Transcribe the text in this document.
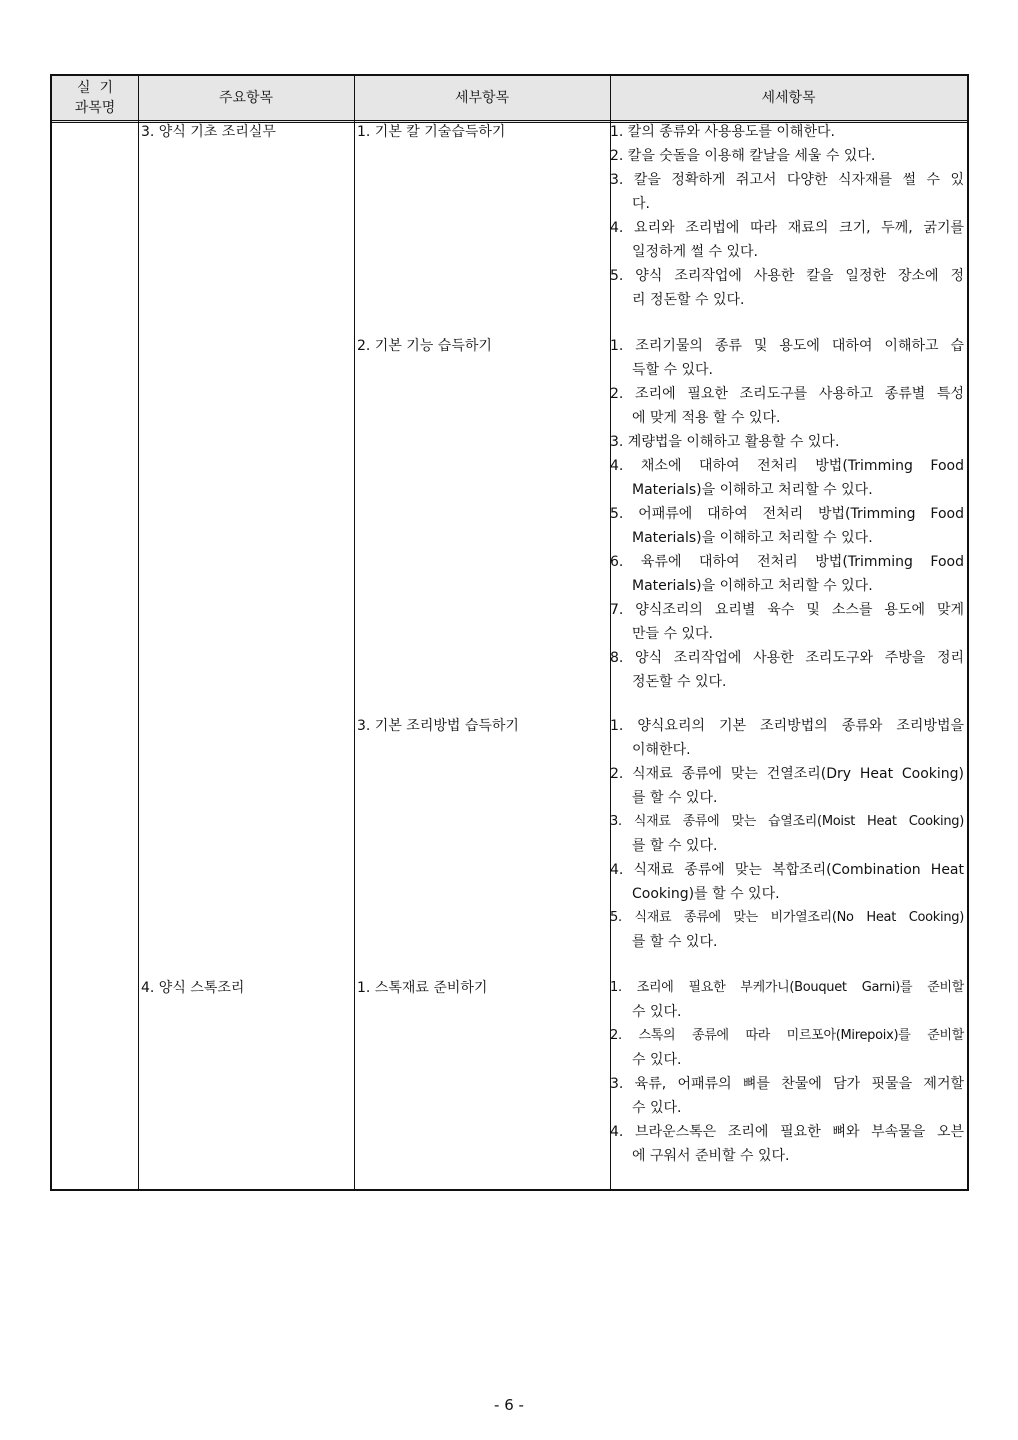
실  기
과목명
주요항목	세부항목	세세항목
3. 양식 기초 조리실무
4. 양식 스톡조리
1. 기본 칼 기술습득하기
2. 기본 기능 습득하기
3. 기본 조리방법 습득하기
1. 스톡재료 준비하기
1. 칼의 종류와 사용용도를 이해한다.
2. 칼을 숫돌을 이용해 칼날을 세울 수 있다.
3. 칼을 정확하게 쥐고서 다양한 식자재를 썰 수 있
다.
4. 요리와 조리법에 따라 재료의 크기, 두께, 굵기를
일정하게 썰 수 있다.
5. 양식 조리작업에 사용한 칼을 일정한 장소에 정
리 정돈할 수 있다.
1. 조리기물의 종류 및 용도에 대하여 이해하고 습
득할 수 있다.
2. 조리에 필요한 조리도구를 사용하고 종류별 특성
에 맞게 적용 할 수 있다.
3. 계량법을 이해하고 활용할 수 있다.
4. 채소에 대하여 전처리 방법(Trimming Food
Materials)을 이해하고 처리할 수 있다.
5. 어패류에 대하여 전처리 방법(Trimming Food
Materials)을 이해하고 처리할 수 있다.
6. 육류에 대하여 전처리 방법(Trimming Food
Materials)을 이해하고 처리할 수 있다.
7. 양식조리의 요리별 육수 및 소스를 용도에 맞게
만들 수 있다.
8. 양식 조리작업에 사용한 조리도구와 주방을 정리
정돈할 수 있다.
1. 양식요리의 기본 조리방법의 종류와 조리방법을
이해한다.
2. 식재료 종류에 맞는 건열조리(Dry Heat Cooking)
를 할 수 있다.
3. 식재료 종류에 맞는 습열조리(Moist Heat Cooking)
를 할 수 있다.
4. 식재료 종류에 맞는 복합조리(Combination Heat
Cooking)를 할 수 있다.
5. 식재료 종류에 맞는 비가열조리(No Heat Cooking)
를 할 수 있다.
1. 조리에 필요한 부케가니(Bouquet Garni)를 준비할
수 있다.
2. 스톡의 종류에 따라 미르포아(Mirepoix)를 준비할
수 있다.
3. 육류, 어패류의 뼈를 찬물에 담가 핏물을 제거할
수 있다.
4. 브라운스톡은 조리에 필요한 뼈와 부속물을 오븐
에 구워서 준비할 수 있다.
- 6 -
